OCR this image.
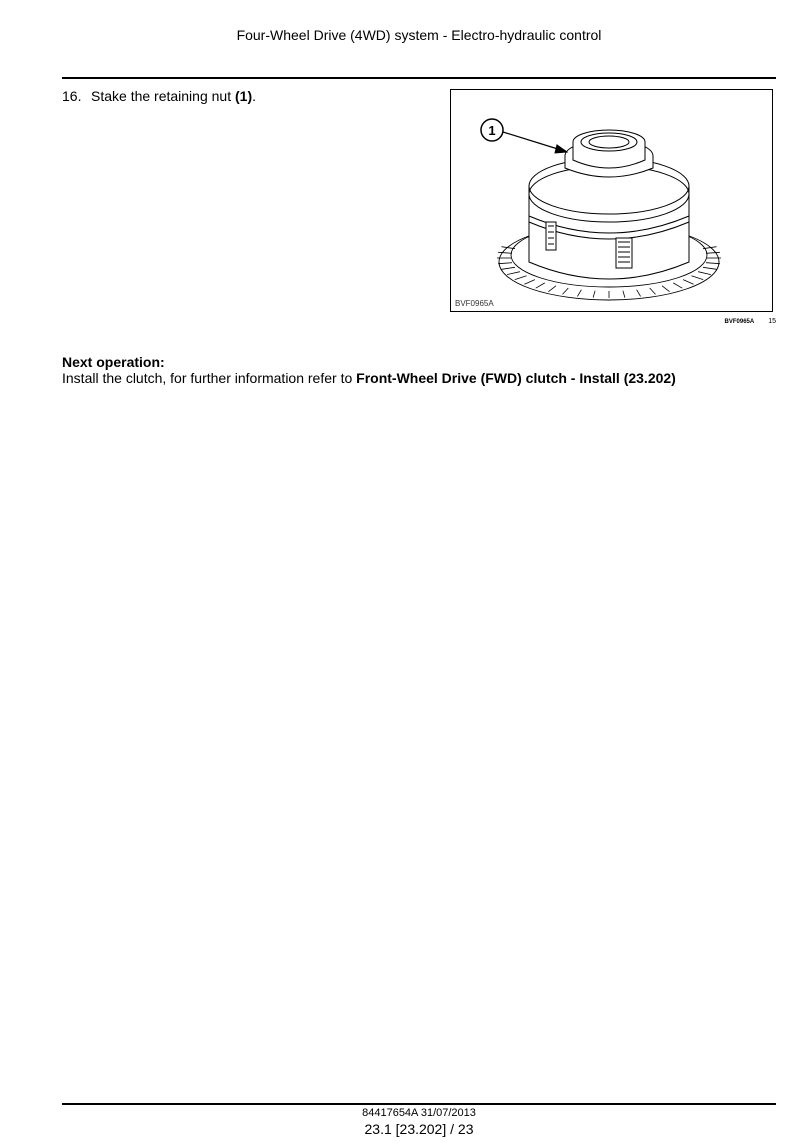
Four-Wheel Drive (4WD) system - Electro-hydraulic control
16. Stake the retaining nut (1).
1
BVF0965A
BVF0965A 15
Next operation:
Install the clutch, for further information refer to Front-Wheel Drive (FWD) clutch - Install (23.202)
84417654A 31/07/2013
23.1 [23.202] / 23
